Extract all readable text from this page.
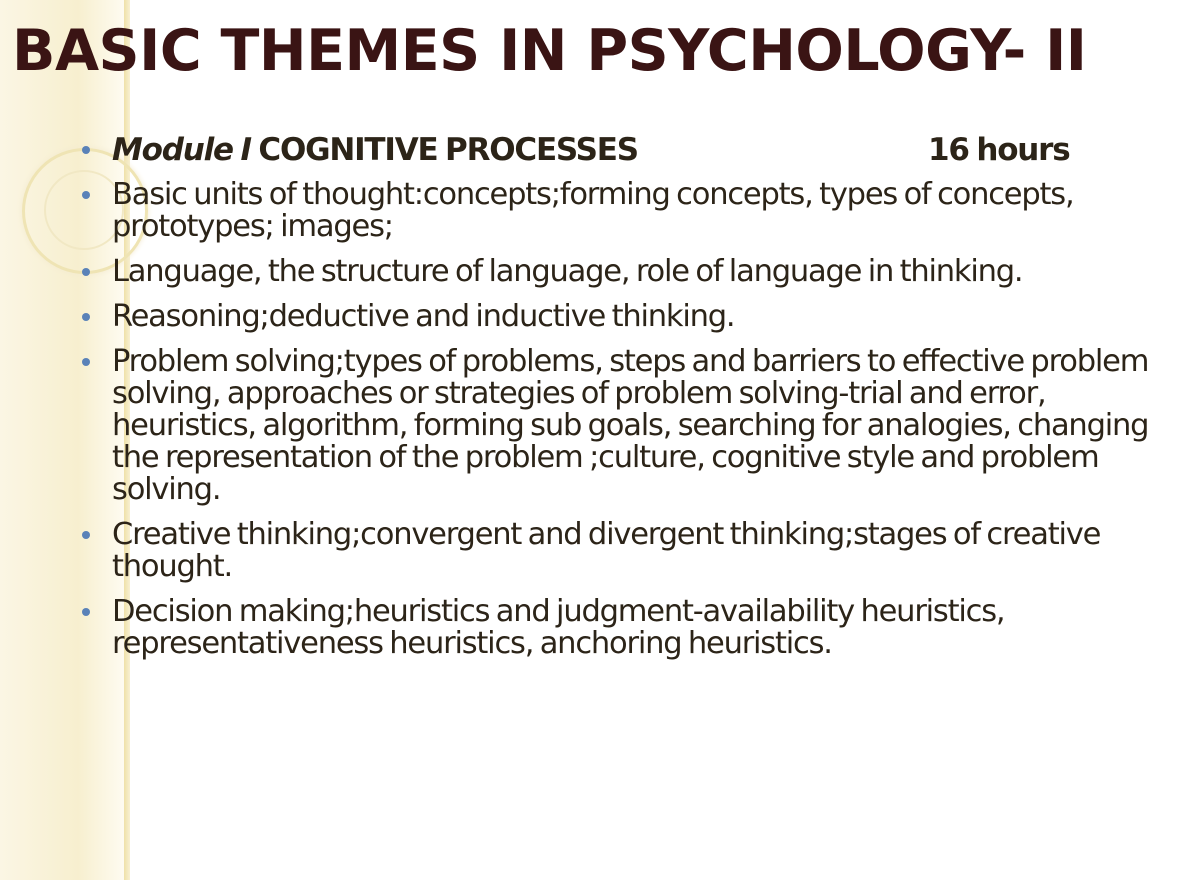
BASIC THEMES IN PSYCHOLOGY- II
Module I COGNITIVE PROCESSES	16 hours
Basic units of thought:concepts;forming concepts, types of concepts, prototypes; images;
Language, the structure of language, role of language in thinking.
Reasoning;deductive and inductive thinking.
Problem solving;types of problems, steps and barriers to effective problem solving, approaches or strategies of problem solving-trial and error, heuristics, algorithm, forming sub goals, searching for analogies, changing the representation of the problem ;culture, cognitive style and problem solving.
Creative thinking;convergent and divergent thinking;stages of creative thought.
Decision making;heuristics and judgment-availability heuristics, representativeness heuristics, anchoring heuristics.
